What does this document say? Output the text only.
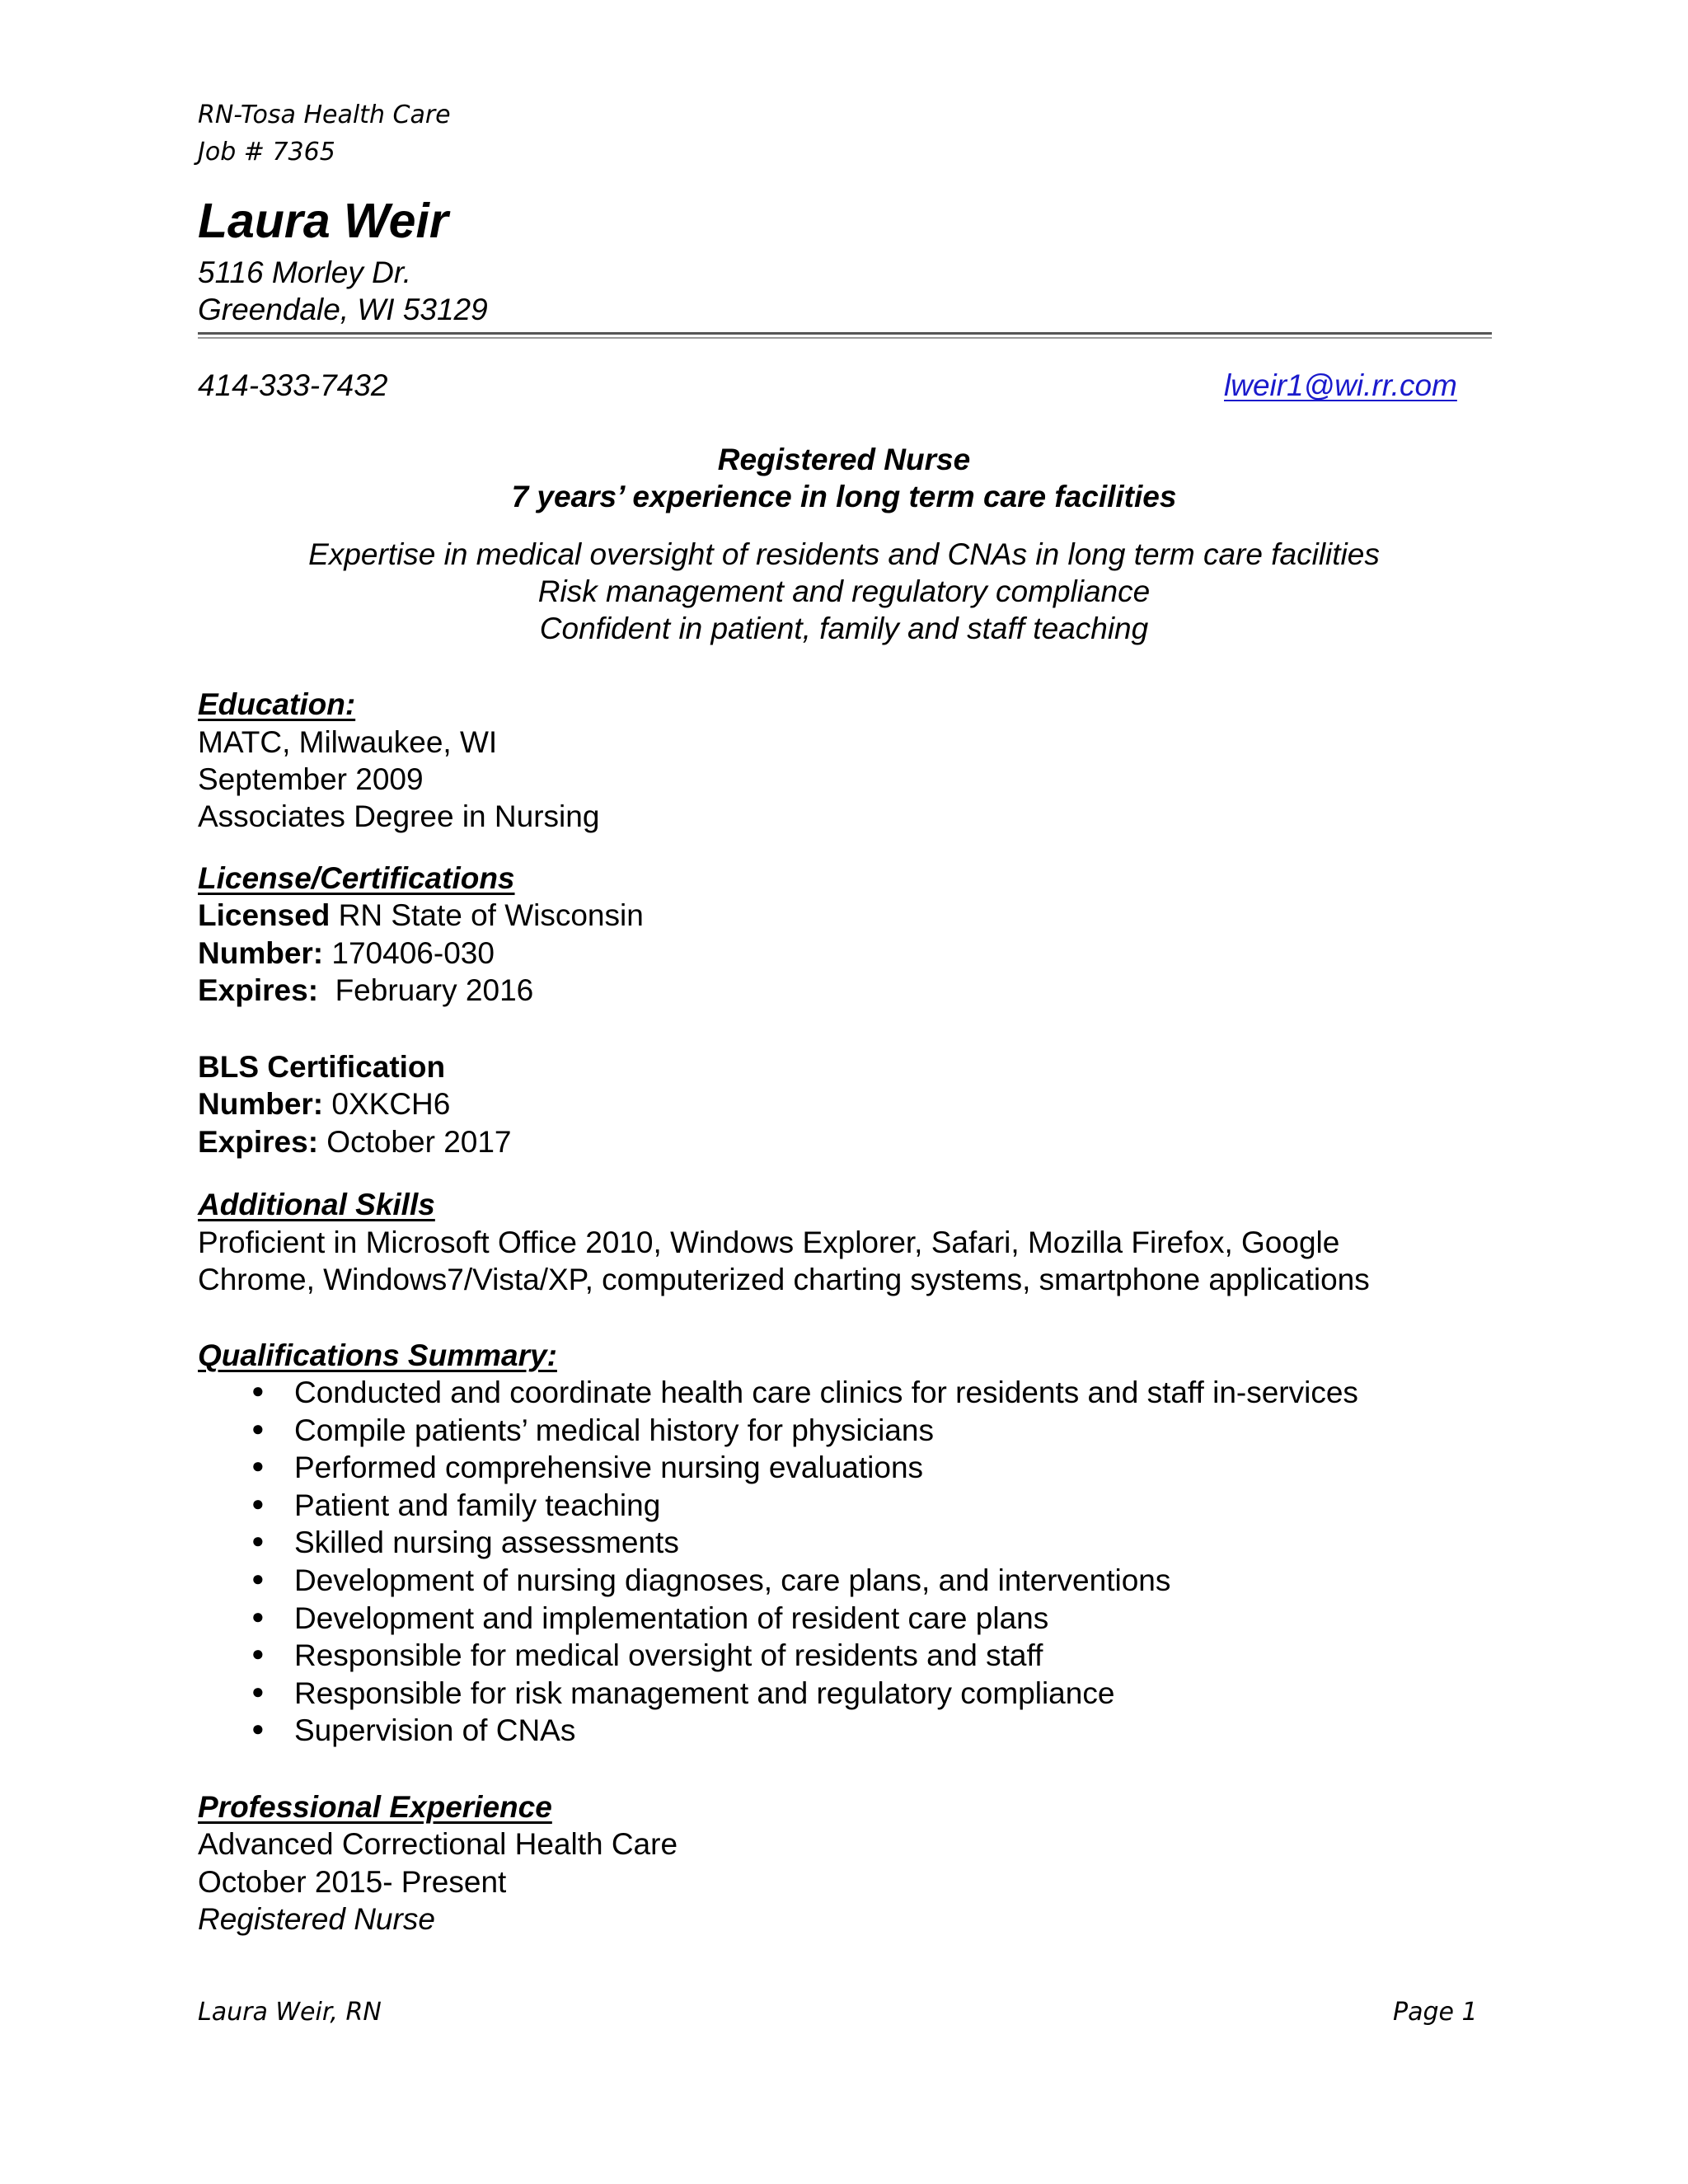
RN-Tosa Health Care
Job # 7365
Laura Weir
5116 Morley Dr.
Greendale, WI 53129
414-333-7432	lweir1@wi.rr.com
Registered Nurse
7 years’ experience in long term care facilities
Expertise in medical oversight of residents and CNAs in long term care facilities
Risk management and regulatory compliance
Confident in patient, family and staff teaching
Education:
MATC, Milwaukee, WI
September 2009
Associates Degree in Nursing
License/Certifications
Licensed RN State of Wisconsin
Number: 170406-030
Expires:  February 2016
BLS Certification
Number: 0XKCH6
Expires: October 2017
Additional Skills
Proficient in Microsoft Office 2010, Windows Explorer, Safari, Mozilla Firefox, Google
Chrome, Windows7/Vista/XP, computerized charting systems, smartphone applications
Qualifications Summary:
● Conducted and coordinate health care clinics for residents and staff in-services
● Compile patients’ medical history for physicians
● Performed comprehensive nursing evaluations
● Patient and family teaching
● Skilled nursing assessments
● Development of nursing diagnoses, care plans, and interventions
● Development and implementation of resident care plans
● Responsible for medical oversight of residents and staff
● Responsible for risk management and regulatory compliance
● Supervision of CNAs
Professional Experience
Advanced Correctional Health Care
October 2015- Present
Registered Nurse
Laura Weir, RN	Page 1
